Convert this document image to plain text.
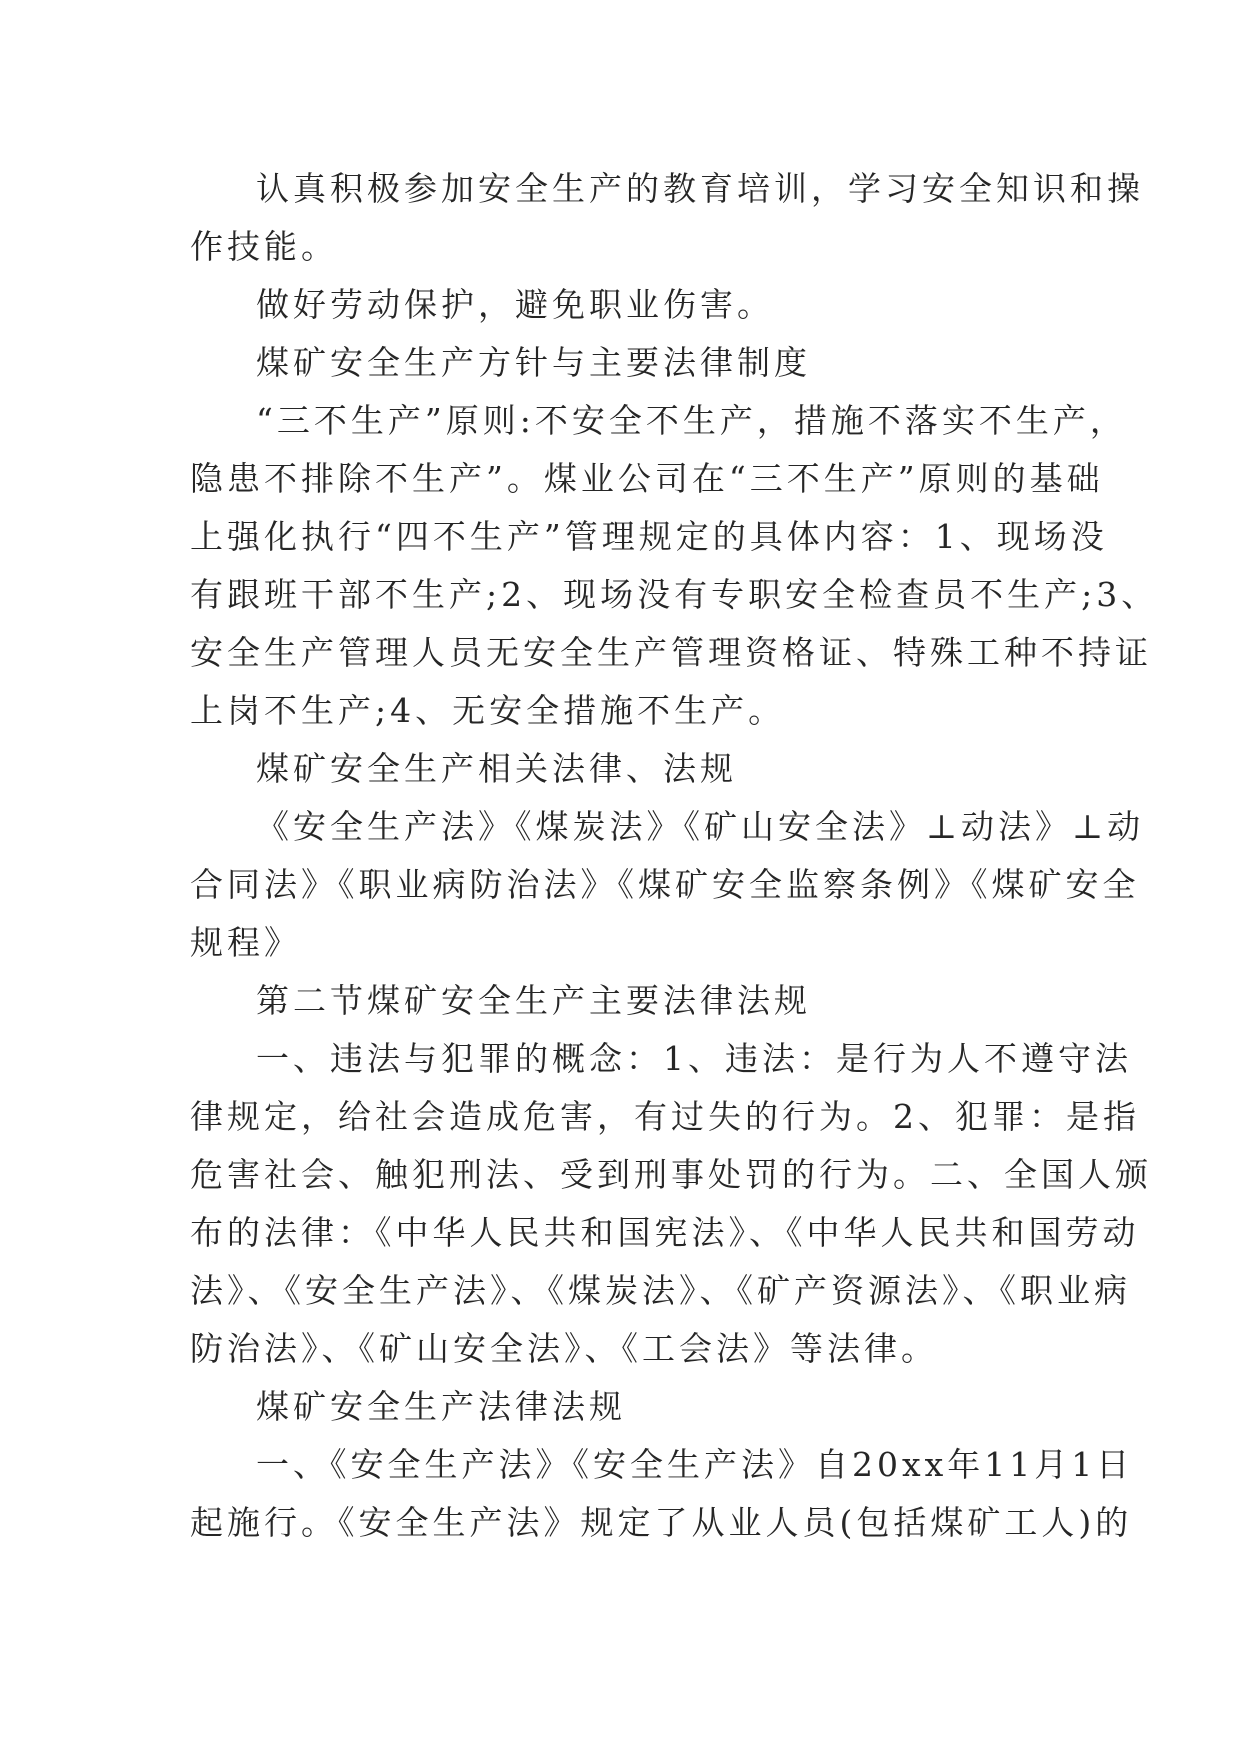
认真积极参加安全生产的教育培训，学习安全知识和操
作技能。
做好劳动保护，避免职业伤害。
煤矿安全生产方针与主要法律制度
“三不生产”原则:不安全不生产，措施不落实不生产，
隐患不排除不生产”。煤业公司在“三不生产”原则的基础
上强化执行“四不生产”管理规定的具体内容：1、现场没
有跟班干部不生产;2、现场没有专职安全检查员不生产;3、
安全生产管理人员无安全生产管理资格证、特殊工种不持证
上岗不生产;4、无安全措施不生产。
煤矿安全生产相关法律、法规
《安全生产法》《煤炭法》《矿山安全法》⊥动法》⊥动
合同法》《职业病防治法》《煤矿安全监察条例》《煤矿安全
规程》
第二节煤矿安全生产主要法律法规
一、违法与犯罪的概念：1、违法：是行为人不遵守法
律规定，给社会造成危害，有过失的行为。2、犯罪：是指
危害社会、触犯刑法、受到刑事处罚的行为。二、全国人颁
布的法律：《中华人民共和国宪法》、《中华人民共和国劳动
法》、《安全生产法》、《煤炭法》、《矿产资源法》、《职业病
防治法》、《矿山安全法》、《工会法》等法律。
煤矿安全生产法律法规
一、《安全生产法》《安全生产法》自20xx年11月1日
起施行。《安全生产法》规定了从业人员(包括煤矿工人)的
